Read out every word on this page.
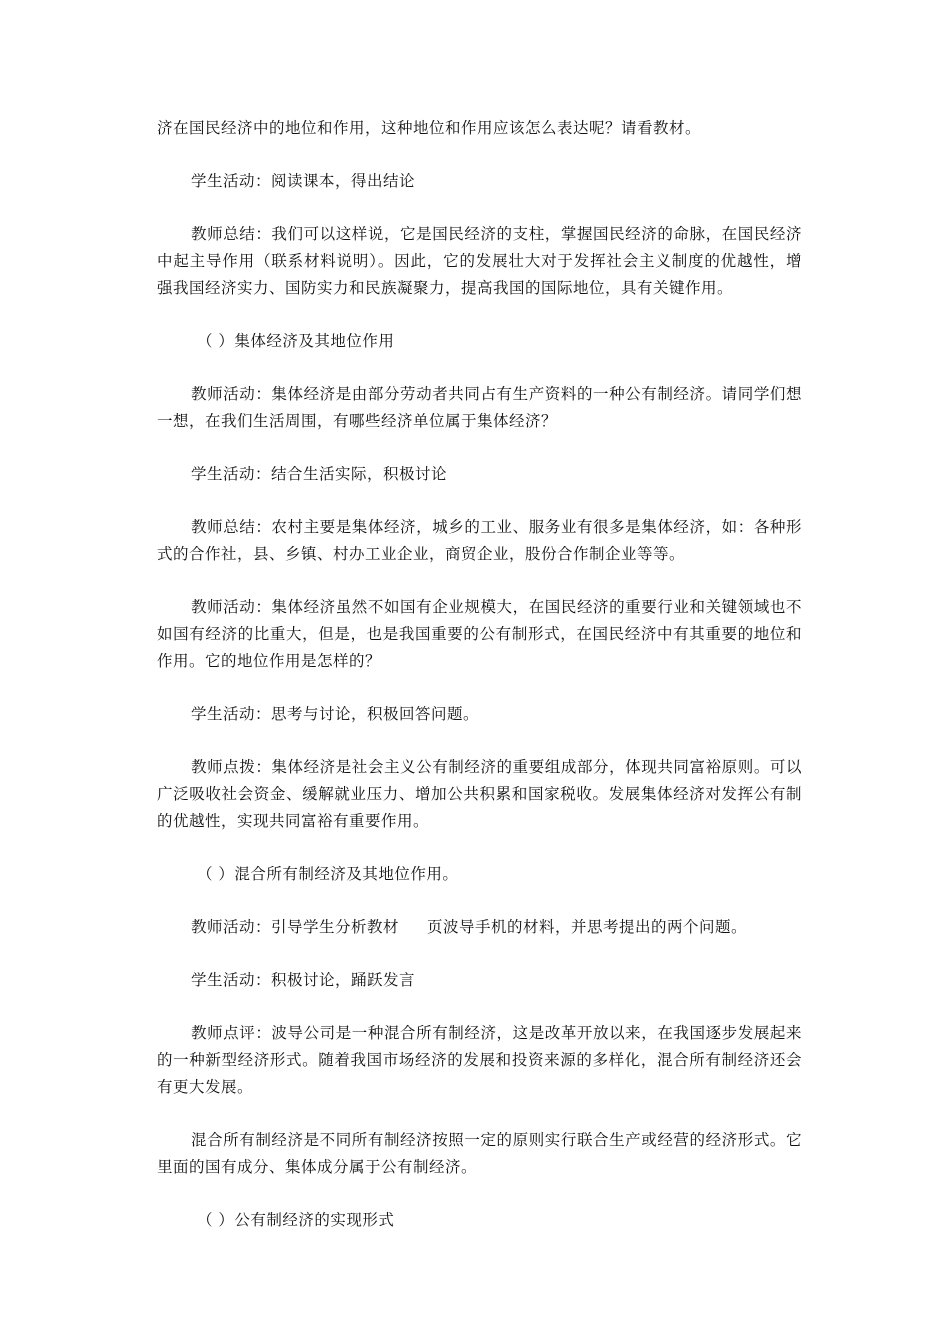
济在国民经济中的地位和作用，这种地位和作用应该怎么表达呢？请看教材。

学生活动：阅读课本，得出结论

教师总结：我们可以这样说，它是国民经济的支柱，掌握国民经济的命脉，在国民经济中起主导作用（联系材料说明）。因此，它的发展壮大对于发挥社会主义制度的优越性，增强我国经济实力、国防实力和民族凝聚力，提高我国的国际地位，具有关键作用。

（ ）集体经济及其地位作用

教师活动：集体经济是由部分劳动者共同占有生产资料的一种公有制经济。请同学们想一想，在我们生活周围，有哪些经济单位属于集体经济？

学生活动：结合生活实际，积极讨论

教师总结：农村主要是集体经济，城乡的工业、服务业有很多是集体经济，如：各种形式的合作社，县、乡镇、村办工业企业，商贸企业，股份合作制企业等等。

教师活动：集体经济虽然不如国有企业规模大，在国民经济的重要行业和关键领域也不如国有经济的比重大，但是，也是我国重要的公有制形式，在国民经济中有其重要的地位和作用。它的地位作用是怎样的？

学生活动：思考与讨论，积极回答问题。

教师点拨：集体经济是社会主义公有制经济的重要组成部分，体现共同富裕原则。可以广泛吸收社会资金、缓解就业压力、增加公共积累和国家税收。发展集体经济对发挥公有制的优越性，实现共同富裕有重要作用。

（ ）混合所有制经济及其地位作用。

教师活动：引导学生分析教材 页波导手机的材料，并思考提出的两个问题。

学生活动：积极讨论，踊跃发言

教师点评：波导公司是一种混合所有制经济，这是改革开放以来，在我国逐步发展起来的一种新型经济形式。随着我国市场经济的发展和投资来源的多样化，混合所有制经济还会有更大发展。

混合所有制经济是不同所有制经济按照一定的原则实行联合生产或经营的经济形式。它里面的国有成分、集体成分属于公有制经济。

（ ）公有制经济的实现形式
